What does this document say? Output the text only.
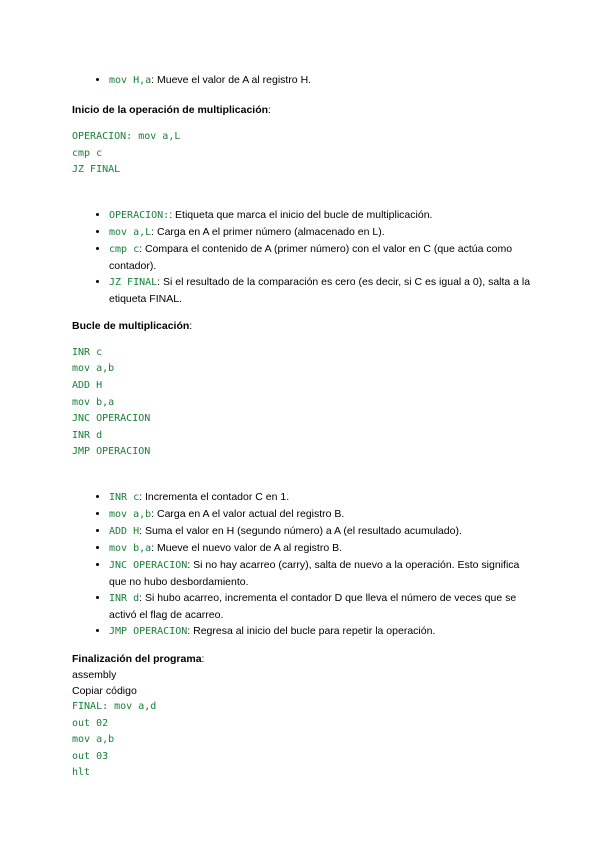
• mov H,a: Mueve el valor de A al registro H.

Inicio de la operación de multiplicación:

OPERACION: mov a,L
cmp c
JZ FINAL
• OPERACION:: Etiqueta que marca el inicio del bucle de multiplicación.
• mov a,L: Carga en A el primer número (almacenado en L).
• cmp c: Compara el contenido de A (primer número) con el valor en C (que actúa como contador).
• JZ FINAL: Si el resultado de la comparación es cero (es decir, si C es igual a 0), salta a la etiqueta FINAL.

Bucle de multiplicación:

INR c
mov a,b
ADD H
mov b,a
JNC OPERACION
INR d
JMP OPERACION
• INR c: Incrementa el contador C en 1.
• mov a,b: Carga en A el valor actual del registro B.
• ADD H: Suma el valor en H (segundo número) a A (el resultado acumulado).
• mov b,a: Mueve el nuevo valor de A al registro B.
• JNC OPERACION: Si no hay acarreo (carry), salta de nuevo a la operación. Esto significa que no hubo desbordamiento.
• INR d: Si hubo acarreo, incrementa el contador D que lleva el número de veces que se activó el flag de acarreo.
• JMP OPERACION: Regresa al inicio del bucle para repetir la operación.

Finalización del programa:

assembly

Copiar código

FINAL: mov a,d
out 02
mov a,b
out 03
hlt
